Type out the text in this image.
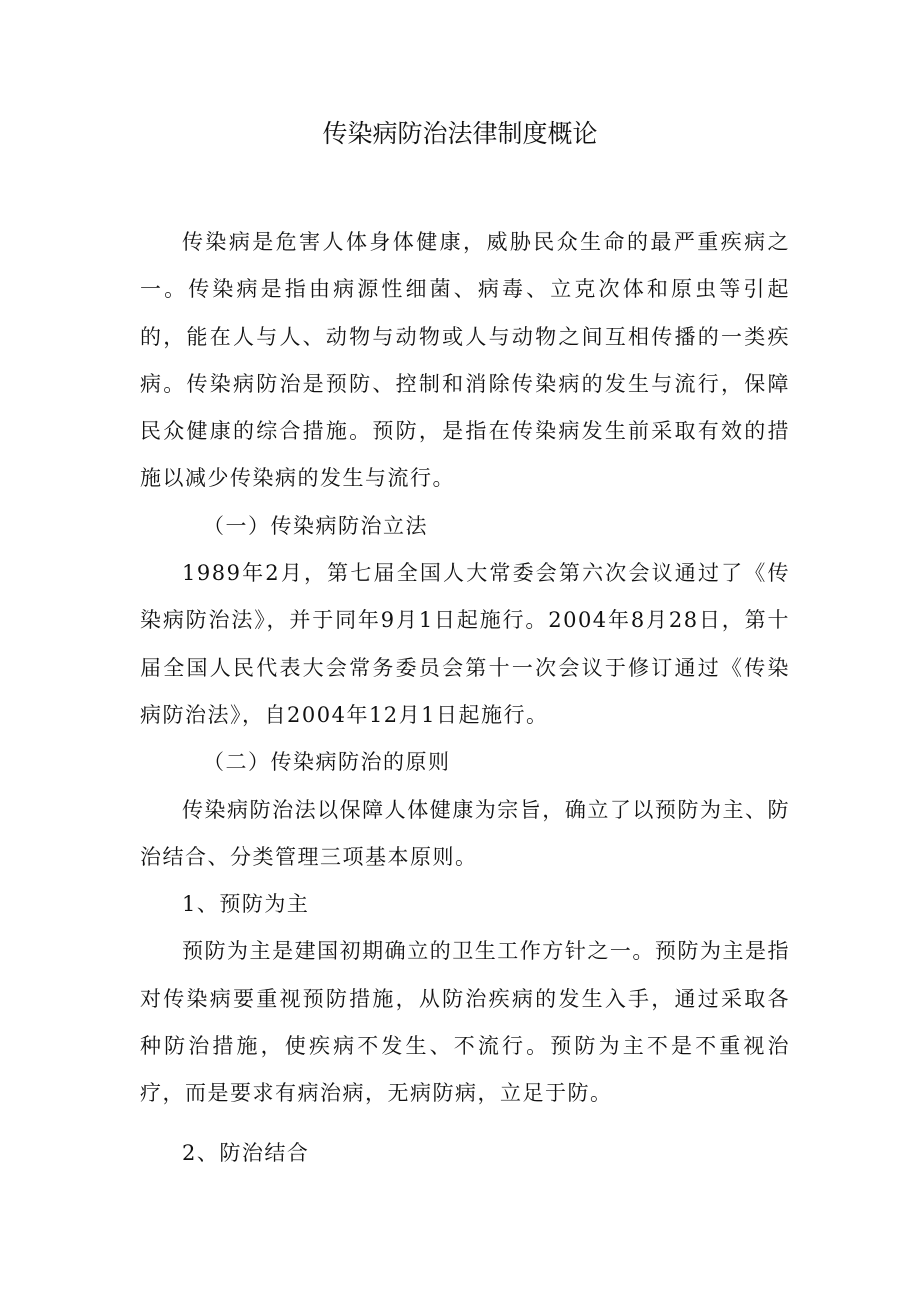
传染病防治法律制度概论

传染病是危害人体身体健康，威胁民众生命的最严重疾病之一。传染病是指由病源性细菌、病毒、立克次体和原虫等引起的，能在人与人、动物与动物或人与动物之间互相传播的一类疾病。传染病防治是预防、控制和消除传染病的发生与流行，保障民众健康的综合措施。预防，是指在传染病发生前采取有效的措施以减少传染病的发生与流行。

（一）传染病防治立法

1989年2月，第七届全国人大常委会第六次会议通过了《传染病防治法》，并于同年9月1日起施行。2004年8月28日，第十届全国人民代表大会常务委员会第十一次会议于修订通过《传染病防治法》，自2004年12月1日起施行。

（二）传染病防治的原则

传染病防治法以保障人体健康为宗旨，确立了以预防为主、防治结合、分类管理三项基本原则。

1、预防为主

预防为主是建国初期确立的卫生工作方针之一。预防为主是指对传染病要重视预防措施，从防治疾病的发生入手，通过采取各种防治措施，使疾病不发生、不流行。预防为主不是不重视治疗，而是要求有病治病，无病防病，立足于防。

2、防治结合
